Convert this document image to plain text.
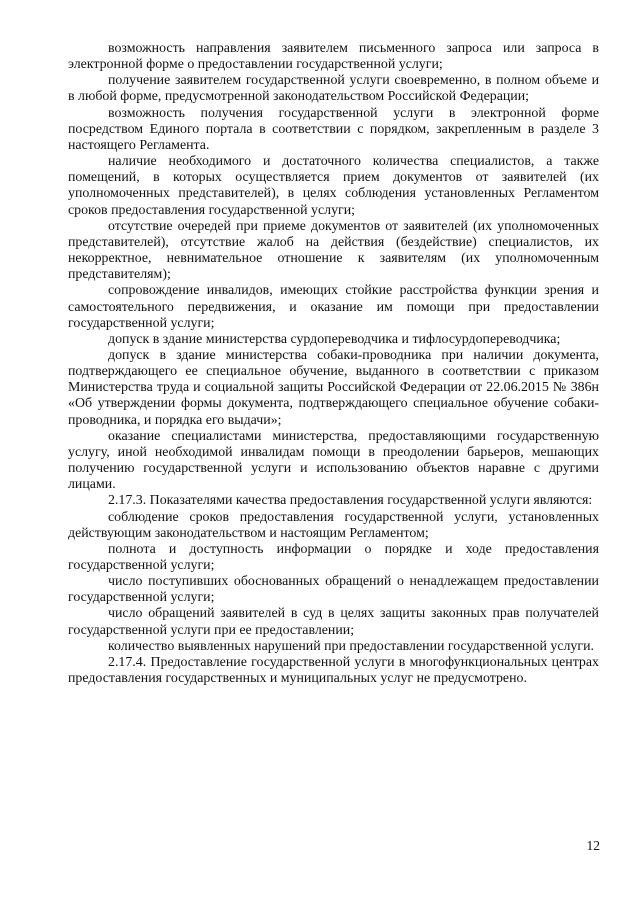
возможность направления заявителем письменного запроса или запроса в электронной форме о предоставлении государственной услуги;

получение заявителем государственной услуги своевременно, в полном объеме и в любой форме, предусмотренной законодательством Российской Федерации;

возможность получения государственной услуги в электронной форме посредством Единого портала в соответствии с порядком, закрепленным в разделе 3 настоящего Регламента.

наличие необходимого и достаточного количества специалистов, а также помещений, в которых осуществляется прием документов от заявителей (их уполномоченных представителей), в целях соблюдения установленных Регламентом сроков предоставления государственной услуги;

отсутствие очередей при приеме документов от заявителей (их уполномоченных представителей), отсутствие жалоб на действия (бездействие) специалистов, их некорректное, невнимательное отношение к заявителям (их уполномоченным представителям);

сопровождение инвалидов, имеющих стойкие расстройства функции зрения и самостоятельного передвижения, и оказание им помощи при предоставлении государственной услуги;

допуск в здание министерства сурдопереводчика и тифлосурдопереводчика;

допуск в здание министерства собаки-проводника при наличии документа, подтверждающего ее специальное обучение, выданного в соответствии с приказом Министерства труда и социальной защиты Российской Федерации от 22.06.2015 № 386н «Об утверждении формы документа, подтверждающего специальное обучение собаки-проводника, и порядка его выдачи»;

оказание специалистами министерства, предоставляющими государственную услугу, иной необходимой инвалидам помощи в преодолении барьеров, мешающих получению государственной услуги и использованию объектов наравне с другими лицами.

2.17.3. Показателями качества предоставления государственной услуги являются:

соблюдение сроков предоставления государственной услуги, установленных действующим законодательством и настоящим Регламентом;

полнота и доступность информации о порядке и ходе предоставления государственной услуги;

число поступивших обоснованных обращений о ненадлежащем предоставлении государственной услуги;

число обращений заявителей в суд в целях защиты законных прав получателей государственной услуги при ее предоставлении;

количество выявленных нарушений при предоставлении государственной услуги.

2.17.4. Предоставление государственной услуги в многофункциональных центрах предоставления государственных и муниципальных услуг не предусмотрено.

12
